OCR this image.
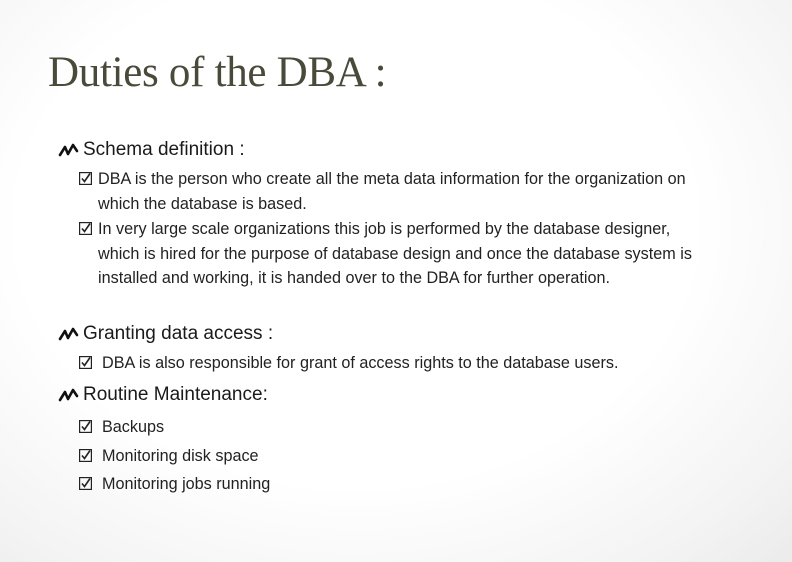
Duties of the DBA :
Schema definition :
DBA is the person who create all the meta data information for the organization on which the database is based.
In very large scale organizations this job is performed by the database designer, which is hired for the purpose of database design and once the database system is installed and working, it is handed over to the DBA for further operation.
Granting data access :
DBA is also responsible for grant of access rights to the database users.
Routine Maintenance:
Backups
Monitoring disk space
Monitoring jobs running
